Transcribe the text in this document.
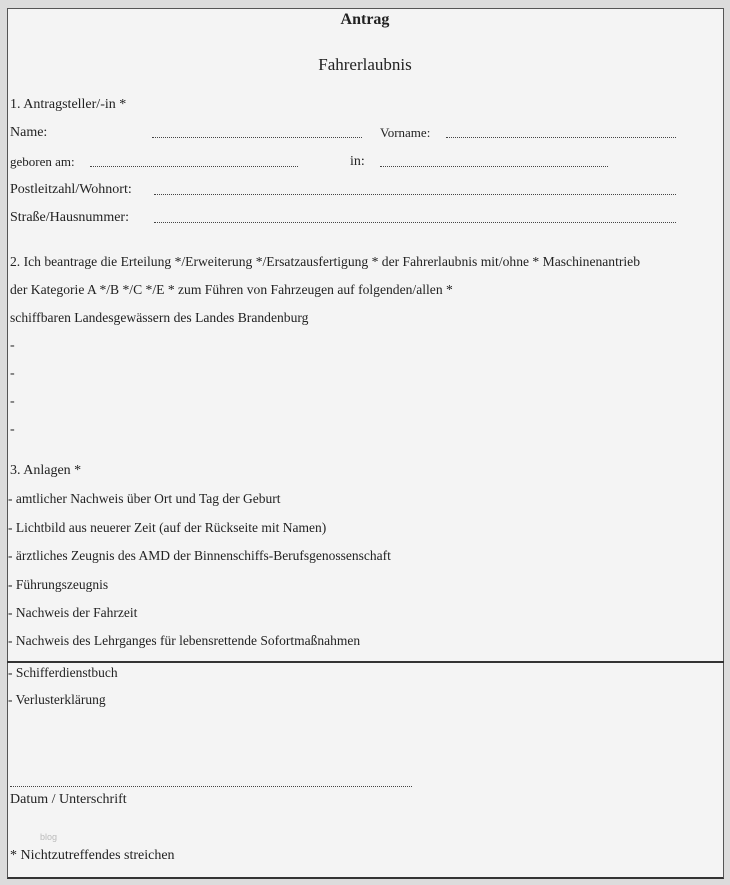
Antrag
Fahrerlaubnis
1. Antragsteller/-in *
Name:	Vorname:
geboren am:	in:
Postleitzahl/Wohnort:
Straße/Hausnummer:
2. Ich beantrage die Erteilung */Erweiterung */Ersatzausfertigung * der Fahrerlaubnis mit/ohne * Maschinenantrieb
der Kategorie A */B */C */E * zum Führen von Fahrzeugen auf folgenden/allen *
schiffbaren Landesgewässern des Landes Brandenburg
-
-
-
-
3. Anlagen *
- amtlicher Nachweis über Ort und Tag der Geburt
- Lichtbild aus neuerer Zeit (auf der Rückseite mit Namen)
- ärztliches Zeugnis des AMD der Binnenschiffs-Berufsgenossenschaft
- Führungszeugnis
- Nachweis der Fahrzeit
- Nachweis des Lehrganges für lebensrettende Sofortmaßnahmen
- Schifferdienstbuch
- Verlusterklärung
Datum / Unterschrift
blog
* Nichtzutreffendes streichen
